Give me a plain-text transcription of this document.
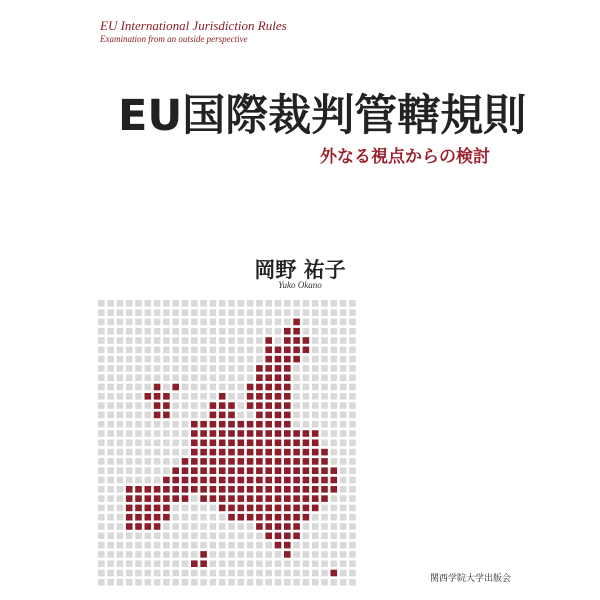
EU International Jurisdiction Rules
Examination from an outside perspective
EU国際裁判管轄規則
外なる視点からの検討
岡野 祐子
Yuko Okano
関西学院大学出版会
